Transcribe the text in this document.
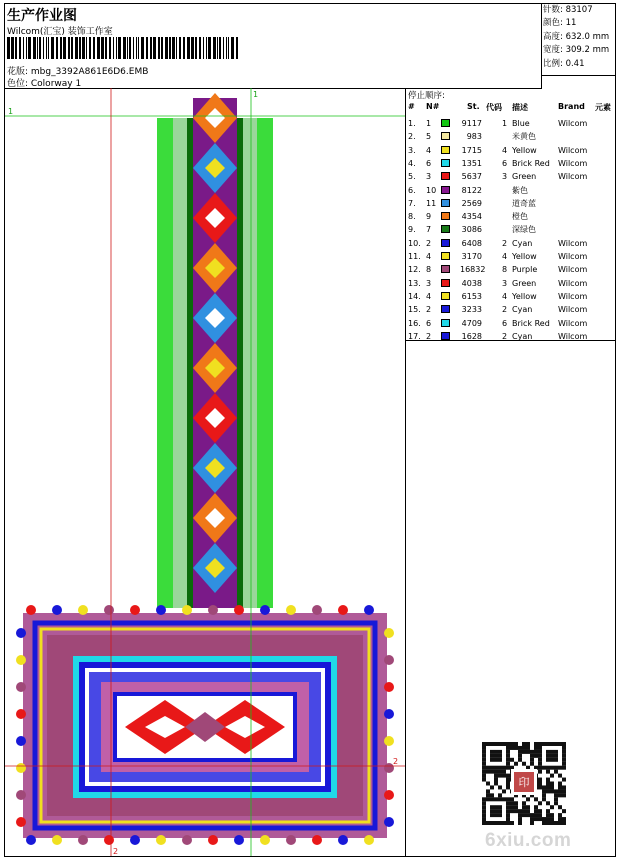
生产作业图
Wilcom(汇宝) 装饰工作室
花版: mbg_3392A861E6D6.EMB
色位: Colorway 1
针数: 83107
颜色: 11
高度: 632.0 mm
宽度: 309.2 mm
比例: 0.41
1
1
2
2
停止顺序:
# N#	St. 代码 描述	Brand 元素
1. 1	9117	1 Blue	Wilcom
2. 5	983	米黄色
3. 4	1715	4 Yellow	Wilcom
4. 6	1351	6 Brick Red Wilcom
5. 3	5637	3 Green	Wilcom
6. 10	8122	紫色
7. 11	2569	道奇蓝
8. 9	4354	橙色
9. 7	3086	深绿色
10. 2	6408	2 Cyan	Wilcom
11. 4	3170	4 Yellow	Wilcom
12. 8	16832 8 Purple	Wilcom
13. 3	4038	3 Green	Wilcom
14. 4	6153	4 Yellow	Wilcom
15. 2	3233	2 Cyan	Wilcom
16. 6	4709	6 Brick Red Wilcom
17. 2	1628	2 Cyan	Wilcom
印
6xiu.com
